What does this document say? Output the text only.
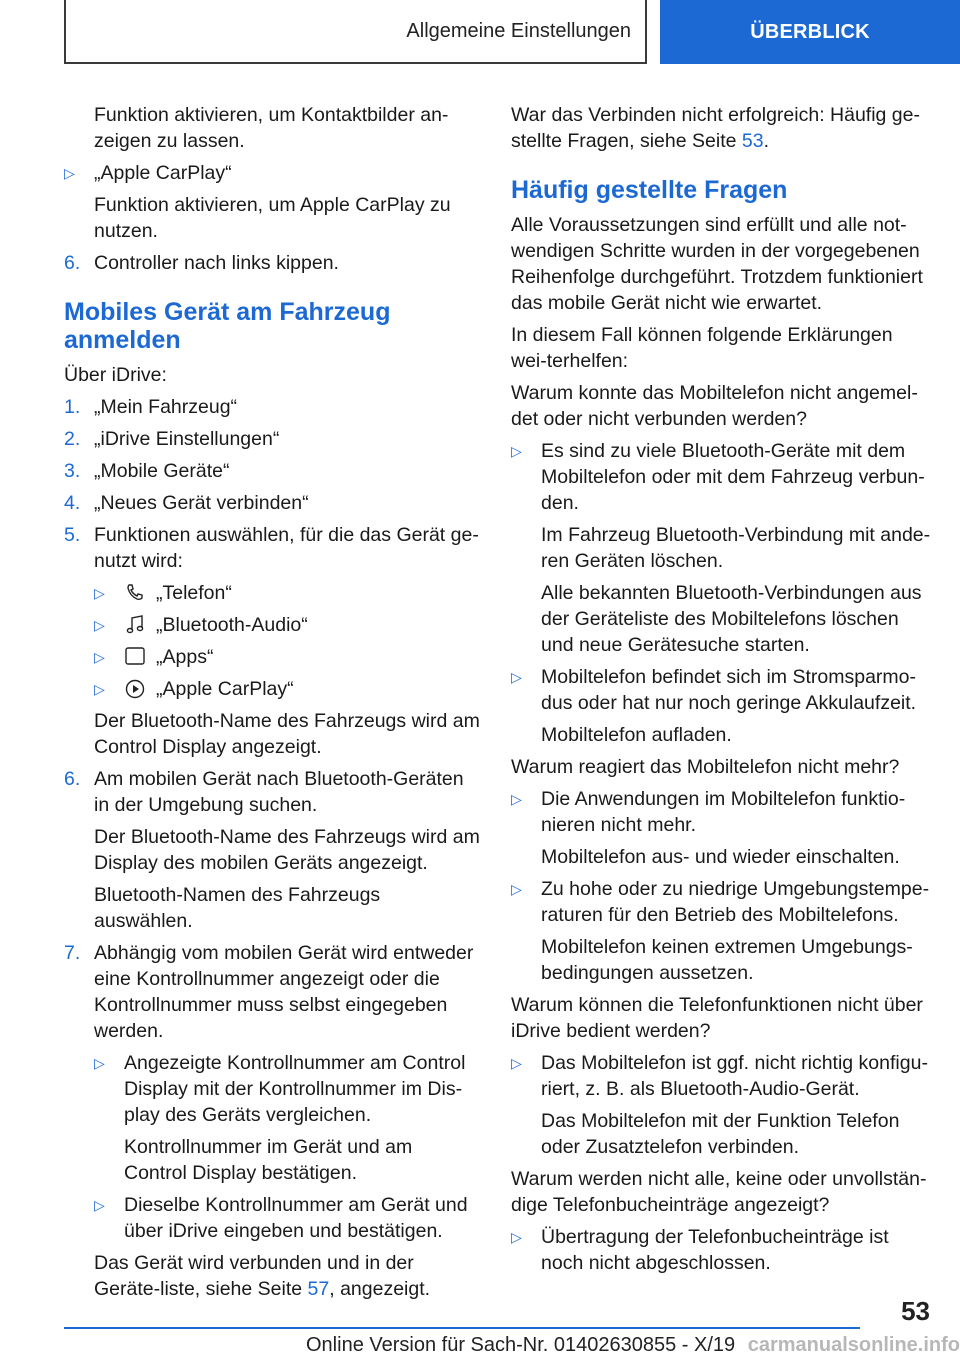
Allgemeine Einstellungen	ÜBERBLICK

Funktion aktivieren, um Kontaktbilder an-zeigen zu lassen.

▷ „Apple CarPlay“

Funktion aktivieren, um Apple CarPlay zu nutzen.

6. Controller nach links kippen.
Mobiles Gerät am Fahrzeug anmelden

Über iDrive:

1. „Mein Fahrzeug“
2. „iDrive Einstellungen“
3. „Mobile Geräte“
4. „Neues Gerät verbinden“
5. Funktionen auswählen, für die das Gerät ge-nutzt wird:
▷	„Telefon“
▷	„Bluetooth-Audio“
▷	„Apps“
▷	„Apple CarPlay“

Der Bluetooth-Name des Fahrzeugs wird am Control Display angezeigt.

6. Am mobilen Gerät nach Bluetooth-Geräten in der Umgebung suchen.

Der Bluetooth-Name des Fahrzeugs wird am Display des mobilen Geräts angezeigt.

Bluetooth-Namen des Fahrzeugs auswählen.

7. Abhängig vom mobilen Gerät wird entweder eine Kontrollnummer angezeigt oder die Kontrollnummer muss selbst eingegeben werden.
▷ Angezeigte Kontrollnummer am Control Display mit der Kontrollnummer im Dis-play des Geräts vergleichen.

Kontrollnummer im Gerät und am Control Display bestätigen.

▷ Dieselbe Kontrollnummer am Gerät und über iDrive eingeben und bestätigen.

Das Gerät wird verbunden und in der Geräte-liste, siehe Seite 57, angezeigt.

War das Verbinden nicht erfolgreich: Häufig ge-stellte Fragen, siehe Seite 53.

Häufig gestellte Fragen

Alle Voraussetzungen sind erfüllt und alle not-wendigen Schritte wurden in der vorgegebenen Reihenfolge durchgeführt. Trotzdem funktioniert das mobile Gerät nicht wie erwartet.

In diesem Fall können folgende Erklärungen wei-terhelfen:

Warum konnte das Mobiltelefon nicht angemel-det oder nicht verbunden werden?

▷ Es sind zu viele Bluetooth-Geräte mit dem Mobiltelefon oder mit dem Fahrzeug verbun-den.

Im Fahrzeug Bluetooth-Verbindung mit ande-ren Geräten löschen.

Alle bekannten Bluetooth-Verbindungen aus der Geräteliste des Mobiltelefons löschen und neue Gerätesuche starten.

▷ Mobiltelefon befindet sich im Stromsparmo-dus oder hat nur noch geringe Akkulaufzeit.

Mobiltelefon aufladen.

Warum reagiert das Mobiltelefon nicht mehr?

▷ Die Anwendungen im Mobiltelefon funktio-nieren nicht mehr.

Mobiltelefon aus- und wieder einschalten.

▷ Zu hohe oder zu niedrige Umgebungstempe-raturen für den Betrieb des Mobiltelefons.

Mobiltelefon keinen extremen Umgebungs-bedingungen aussetzen.

Warum können die Telefonfunktionen nicht über iDrive bedient werden?

▷ Das Mobiltelefon ist ggf. nicht richtig konfigu-riert, z. B. als Bluetooth-Audio-Gerät.

Das Mobiltelefon mit der Funktion Telefon oder Zusatztelefon verbinden.

Warum werden nicht alle, keine oder unvollstän-dige Telefonbucheinträge angezeigt?

▷ Übertragung der Telefonbucheinträge ist noch nicht abgeschlossen.
53
Online Version für Sach-Nr. 01402630855 - X/19 carmanualsonline.info
